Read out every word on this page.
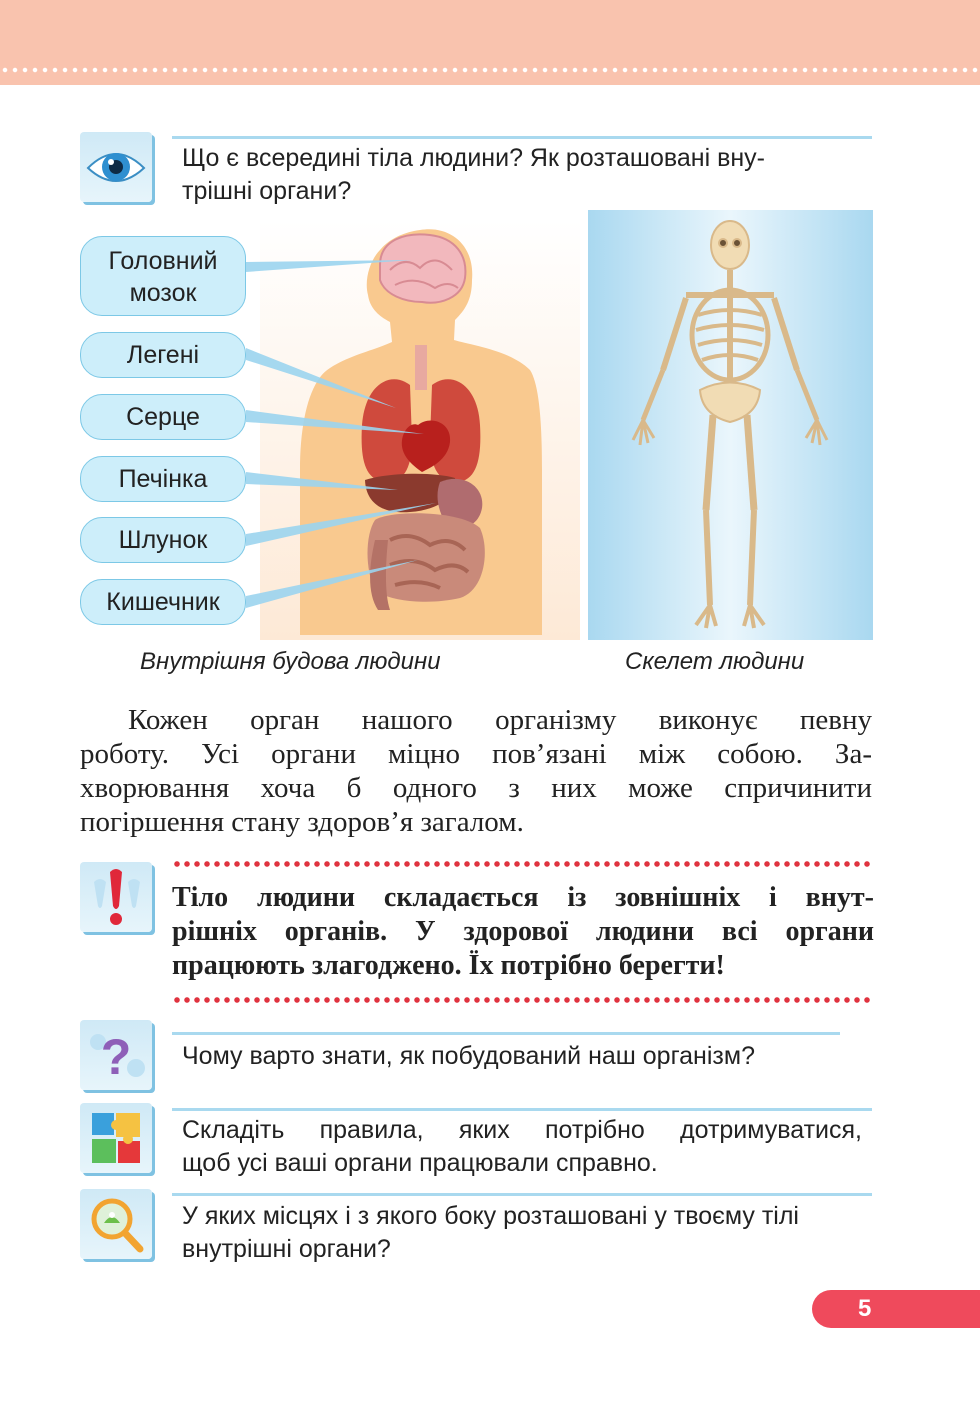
Що є всередині тіла людини? Як розташовані вну-
трішні органи?
Головний мозок
Легені
Серце
Печінка
Шлунок
Кишечник
Внутрішня будова людини	Скелет людини
Кожен орган нашого організму виконує певну
роботу. Усі органи міцно пов’язані між собою. За-
хворювання хоча б одного з них може спричинити
погіршення стану здоров’я загалом.
Тіло людини складається із зовнішніх і внут-
рішніх органів. У здорової людини всі органи
працюють злагоджено. Їх потрібно берегти!
? Чому варто знати, як побудований наш організм?
Складіть правила, яких потрібно дотримуватися,
щоб усі ваші органи працювали справно.
У яких місцях і з якого боку розташовані у твоєму тілі
внутрішні органи?
5
